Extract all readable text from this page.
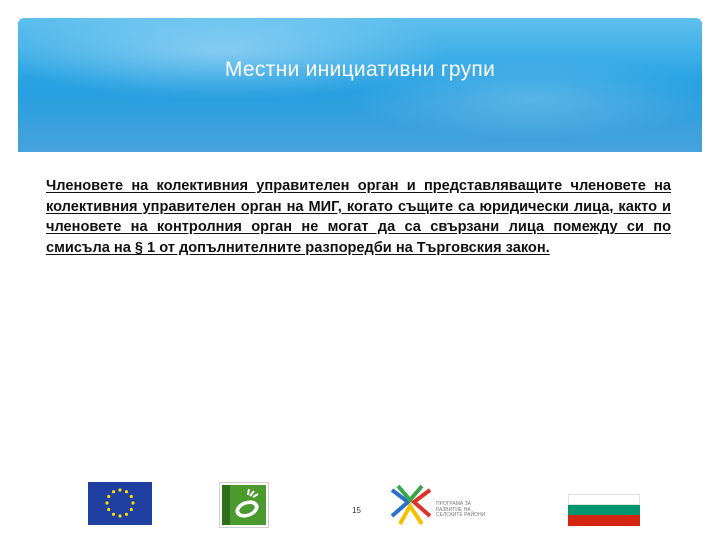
Местни инициативни групи
Членовете на колективния управителен орган и представляващите членовете на колективния управителен орган на МИГ, когато същите са юридически лица, както и членовете на контролния орган не могат да са свързани лица помежду си по смисъла на § 1 от допълнителните разпоредби на Търговския закон.
15
ПРОГРАМА ЗА РАЗВИТИЕ НА СЕЛСКИТЕ РАЙОНИ
